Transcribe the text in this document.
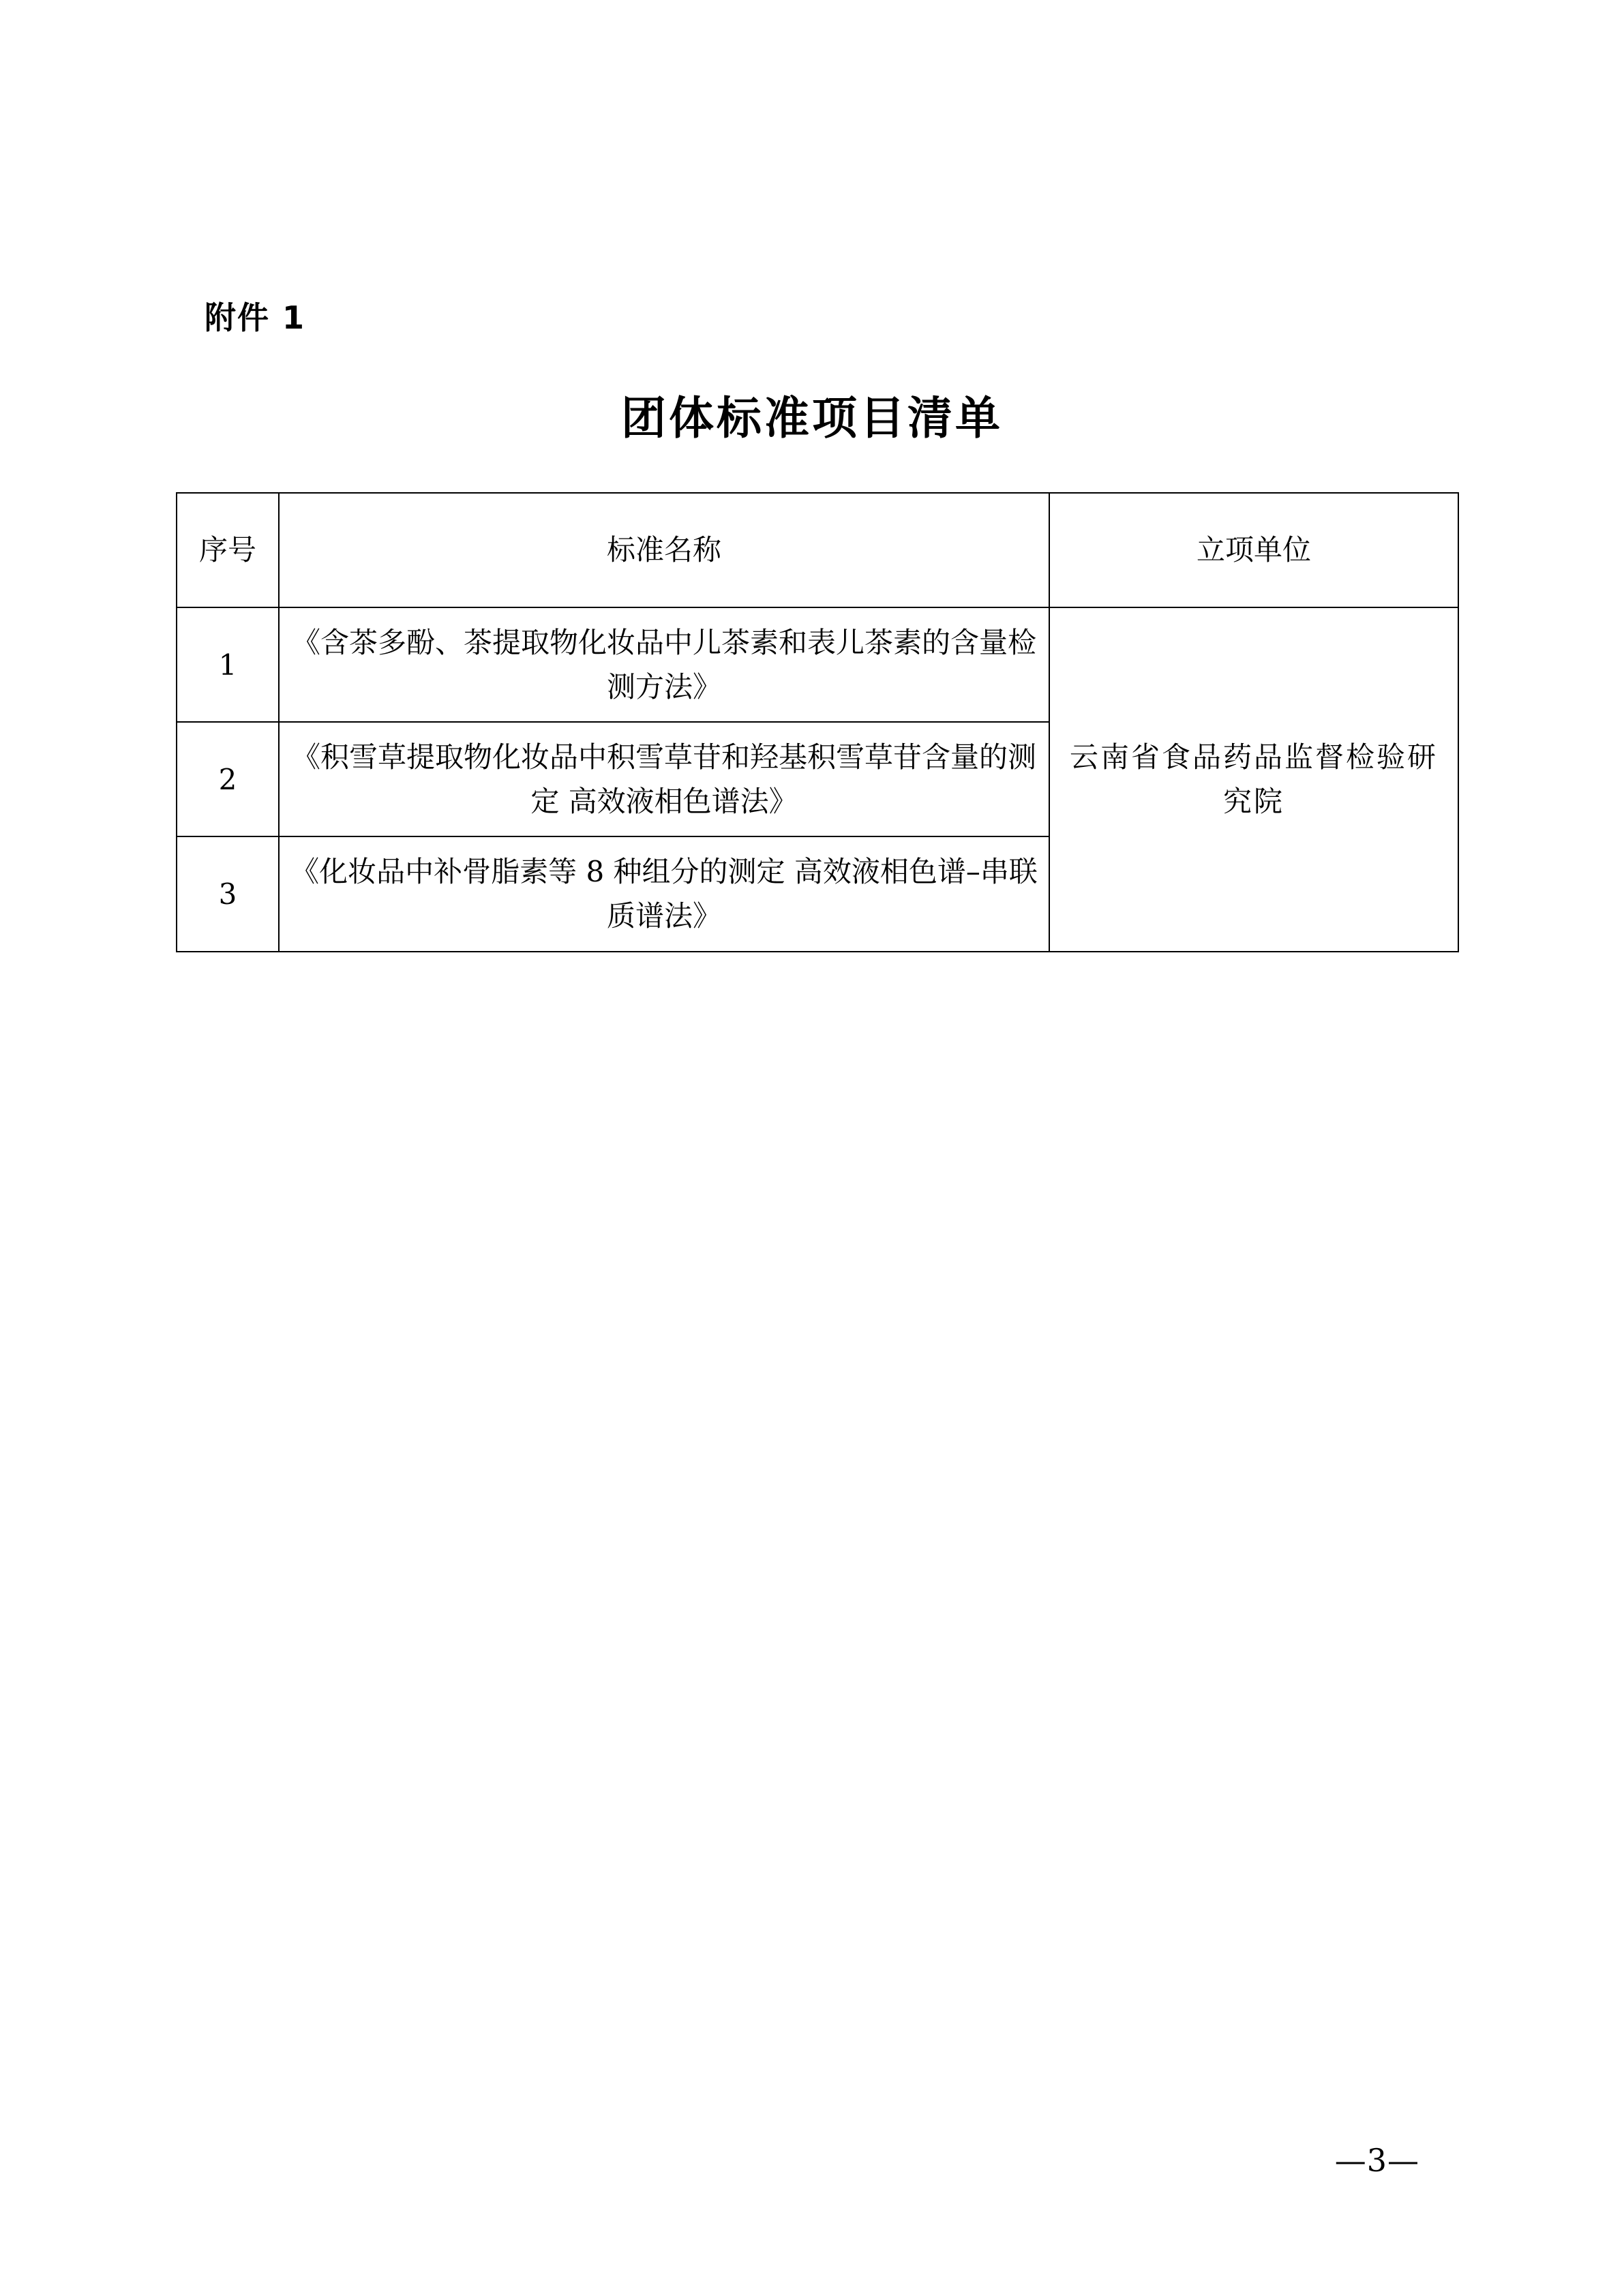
附件 1
团体标准项目清单
序号	标准名称	立项单位
1	《含茶多酚、茶提取物化妆品中儿茶素和表儿茶素的含量检测方法》	云南省食品药品监督检验研究院
2	《积雪草提取物化妆品中积雪草苷和羟基积雪草苷含量的测定 高效液相色谱法》	
3	《化妆品中补骨脂素等 8 种组分的测定 高效液相色谱–串联质谱法》	
—3—
